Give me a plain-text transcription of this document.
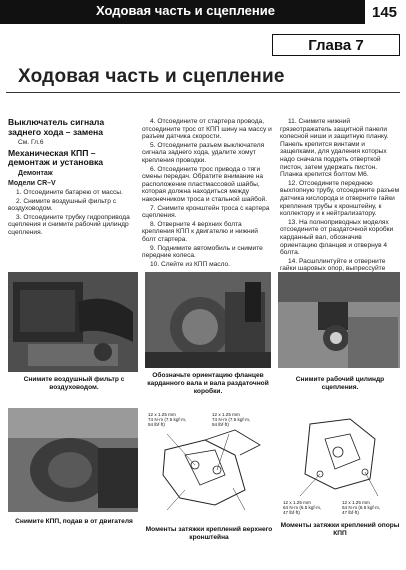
Ходовая часть и сцепление	145
Глава 7
Ходовая часть и сцепление
Выключатель сигнала заднего хода – замена
См. Гл.6
Механическая КПП – демонтаж и установка
Демонтаж
Модели CR–V

1. Отсоедините батарею от массы.

2. Снимите воздушный фильтр с воздуховодом.

3. Отсоедините трубку гидропривода сцепления и снимите рабочий цилиндр сцепления.

4. Отсоедините от стартера провода, отсоедините трос от КПП шину на массу и разъем датчика скорости.

5. Отсоедините разъем выключателя сигнала заднего хода, удалите хомут крепления проводки.

6. Отсоедините трос привода о тяги смены передач. Обратите внимание на расположение пластмассовой шайбы, которая должна находиться между наконечником троса и стальной шайбой.

7. Снимите кронштейн троса с картера сцепления.

8. Отверните 4 верхних болта крепления КПП к двигателю и нижний болт стартера.

9. Поднимите автомобиль и снимите передние колеса.

10. Слейте из КПП масло.

11. Снимите нижний грязеотражатель защитной панели колесной ниши и защитную планку. Панель крепится винтами и защелками, для удаления которых надо сначала поддеть отверткой пистон, затем удержать пистон. Планка крепится болтом М6.

12. Отсоедините переднюю выхлопную трубу, отсоедините разъем датчика кислорода и отверните гайки крепления трубы к кронштейну, к коллектору и к нейтрализатору.

13. На полноприводных моделях отсоедините от раздаточной коробки карданный вал, обозначив ориентацию фланцев и отвернув 4 болта.

14. Расшплинтуйте и отверните гайки шаровых опор, выпрессуйте

Снимите воздушный фильтр с воздуховодом.
Обозначьте ориентацию фланцев карданного вала и вала раздаточной коробки.
Снимите рабочий цилиндр сцепления.
Снимите КПП, подав в от двигателя
12 x 1.25 mm
74 N·m (7.5 kgf·m,
54 lbf·ft)
12 x 1.25 mm
74 N·m (7.5 kgf·m,
54 lbf·ft)
Моменты затяжки креплений верхнего кронштейна
12 x 1.25 mm
64 N·m (6.5 kgf·m,
47 lbf·ft)
12 x 1.25 mm
64 N·m (6.5 kgf·m,
47 lbf·ft)
Моменты затяжки креплений опоры КПП
